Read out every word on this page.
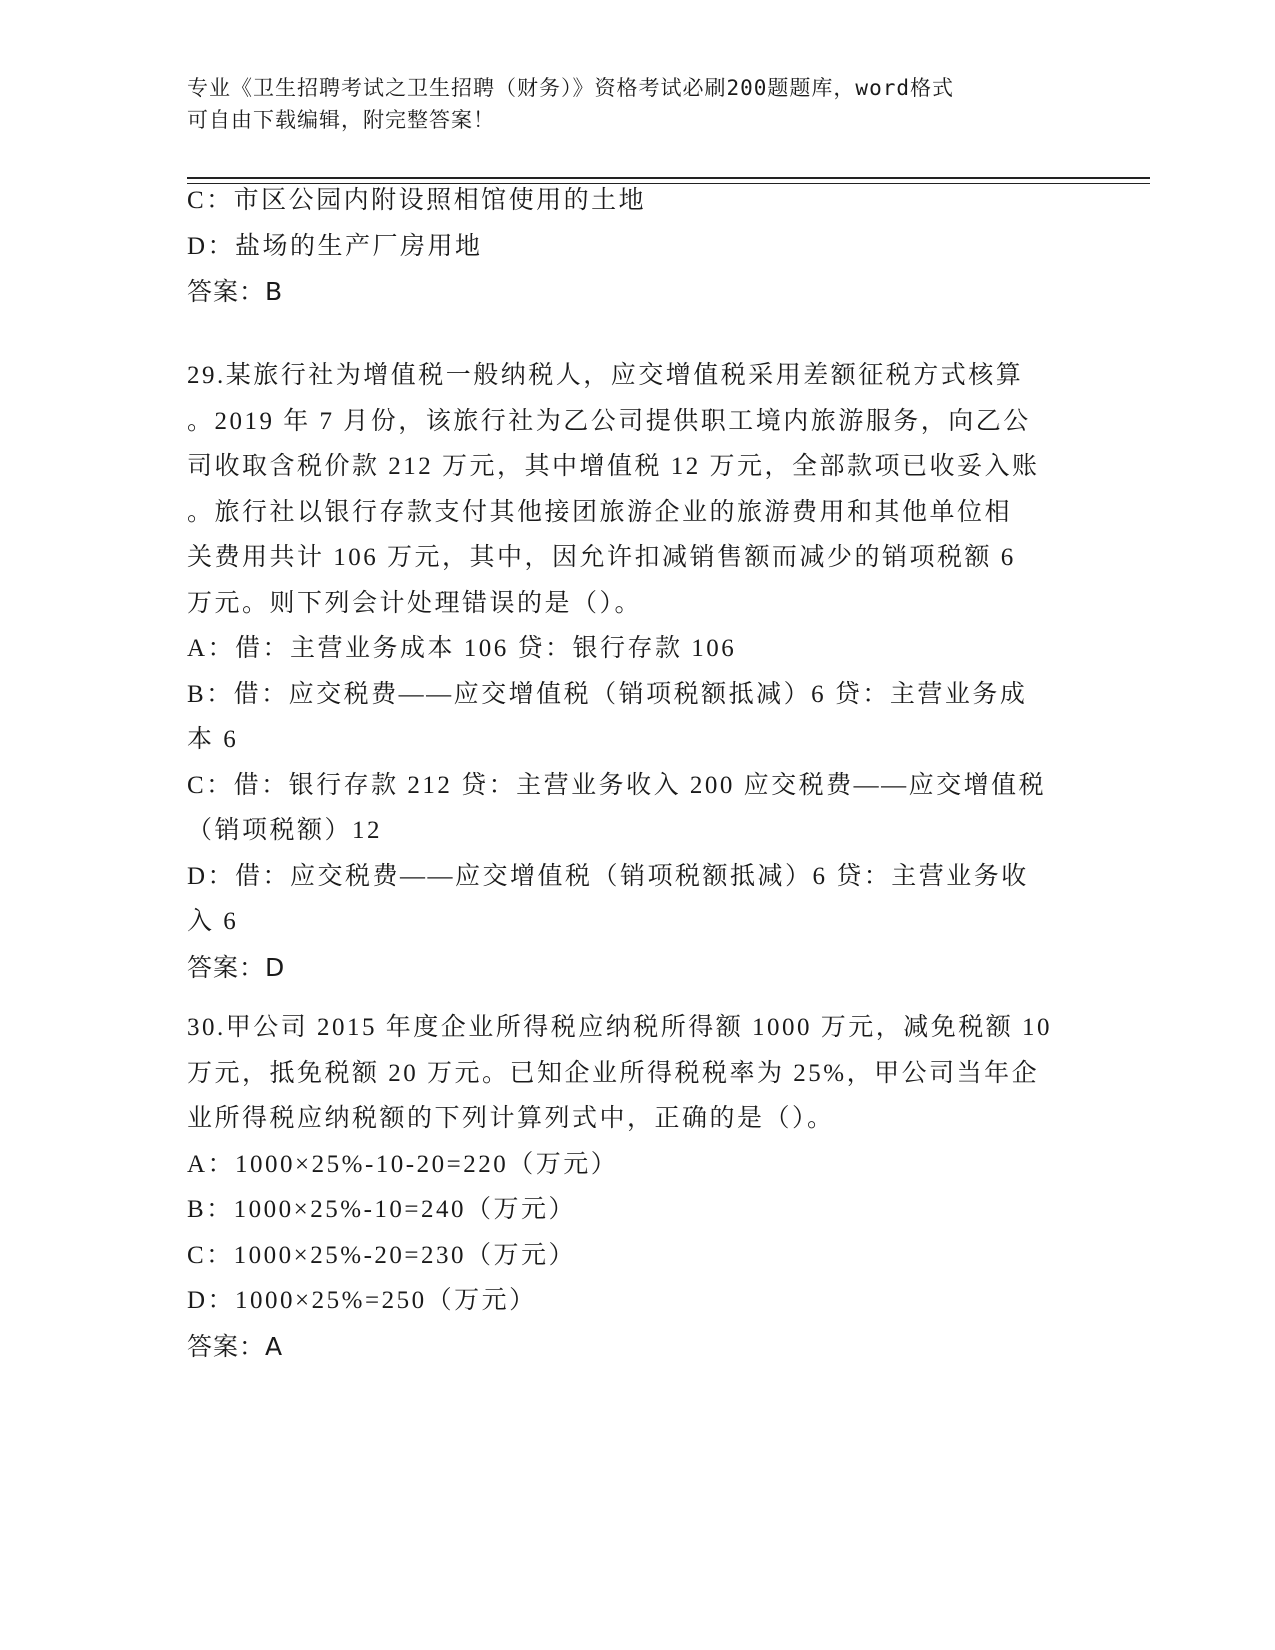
专业《卫生招聘考试之卫生招聘（财务）》资格考试必刷200题题库，word格式
可自由下载编辑，附完整答案！
C：市区公园内附设照相馆使用的土地
D：盐场的生产厂房用地
答案：B
29.某旅行社为增值税一般纳税人，应交增值税采用差额征税方式核算
。2019 年 7 月份，该旅行社为乙公司提供职工境内旅游服务，向乙公
司收取含税价款 212 万元，其中增值税 12 万元，全部款项已收妥入账
。旅行社以银行存款支付其他接团旅游企业的旅游费用和其他单位相
关费用共计 106 万元，其中，因允许扣减销售额而减少的销项税额 6
万元。则下列会计处理错误的是（）。
A：借：主营业务成本 106 贷：银行存款 106
B：借：应交税费——应交增值税（销项税额抵减）6 贷：主营业务成
本 6
C：借：银行存款 212 贷：主营业务收入 200 应交税费——应交增值税
（销项税额）12
D：借：应交税费——应交增值税（销项税额抵减）6 贷：主营业务收
入 6
答案：D
30.甲公司 2015 年度企业所得税应纳税所得额 1000 万元，减免税额 10
万元，抵免税额 20 万元。已知企业所得税税率为 25%，甲公司当年企
业所得税应纳税额的下列计算列式中，正确的是（）。
A：1000×25%-10-20=220（万元）
B：1000×25%-10=240（万元）
C：1000×25%-20=230（万元）
D：1000×25%=250（万元）
答案：A
